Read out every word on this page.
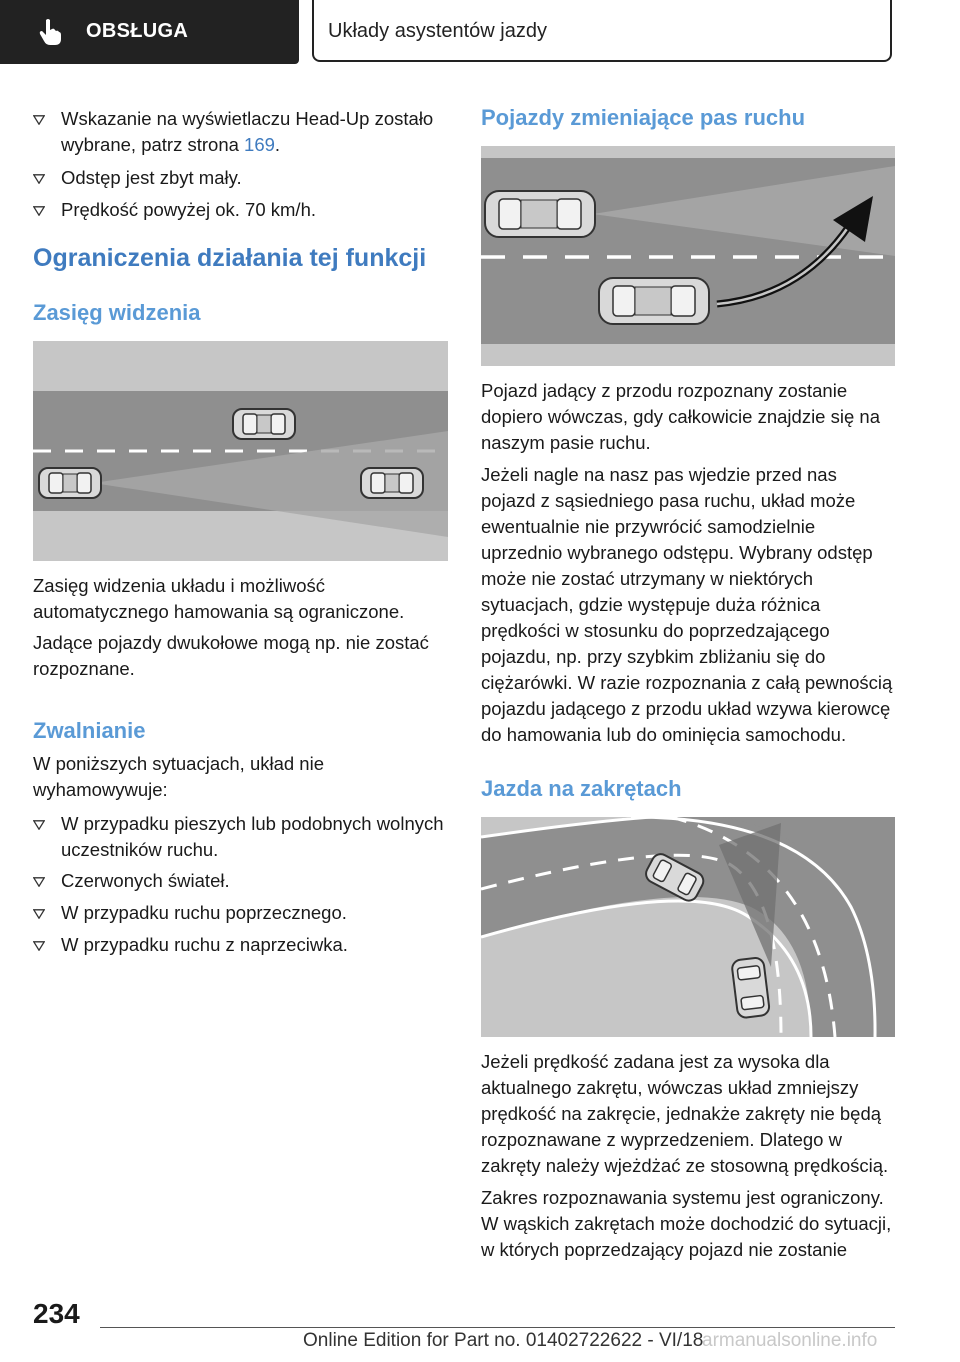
OBSŁUGA	Układy asystentów jazdy
Wskazanie na wyświetlaczu Head-Up zostało wybrane, patrz strona 169.
Odstęp jest zbyt mały.
Prędkość powyżej ok. 70 km/h.
Ograniczenia działania tej funkcji
Zasięg widzenia

Zasięg widzenia układu i możliwość automatycznego hamowania są ograniczone.

Jadące pojazdy dwukołowe mogą np. nie zostać rozpoznane.

Zwalnianie

W poniższych sytuacjach, układ nie wyhamowywuje:

W przypadku pieszych lub podobnych wolnych uczestników ruchu.
Czerwonych świateł.
W przypadku ruchu poprzecznego.
W przypadku ruchu z naprzeciwka.
Pojazdy zmieniające pas ruchu

Pojazd jadący z przodu rozpoznany zostanie dopiero wówczas, gdy całkowicie znajdzie się na naszym pasie ruchu.

Jeżeli nagle na nasz pas wjedzie przed nas pojazd z sąsiedniego pasa ruchu, układ może ewentualnie nie przywrócić samodzielnie uprzednio wybranego odstępu. Wybrany odstęp może nie zostać utrzymany w niektórych sytuacjach, gdzie występuje duża różnica prędkości w stosunku do poprzedzającego pojazdu, np. przy szybkim zbliżaniu się do ciężarówki. W razie rozpoznania z całą pewnością pojazdu jadącego z przodu układ wzywa kierowcę do hamowania lub do ominięcia samochodu.

Jazda na zakrętach

Jeżeli prędkość zadana jest za wysoka dla aktualnego zakrętu, wówczas układ zmniejszy prędkość na zakręcie, jednakże zakręty nie będą rozpoznawane z wyprzedzeniem. Dlatego w zakręty należy wjeżdżać ze stosowną prędkością.

Zakres rozpoznawania systemu jest ograniczony. W wąskich zakrętach może dochodzić do sytuacji, w których poprzedzający pojazd nie zostanie

234
Online Edition for Part no. 01402722622 - VI/18
armanualsonline.info
